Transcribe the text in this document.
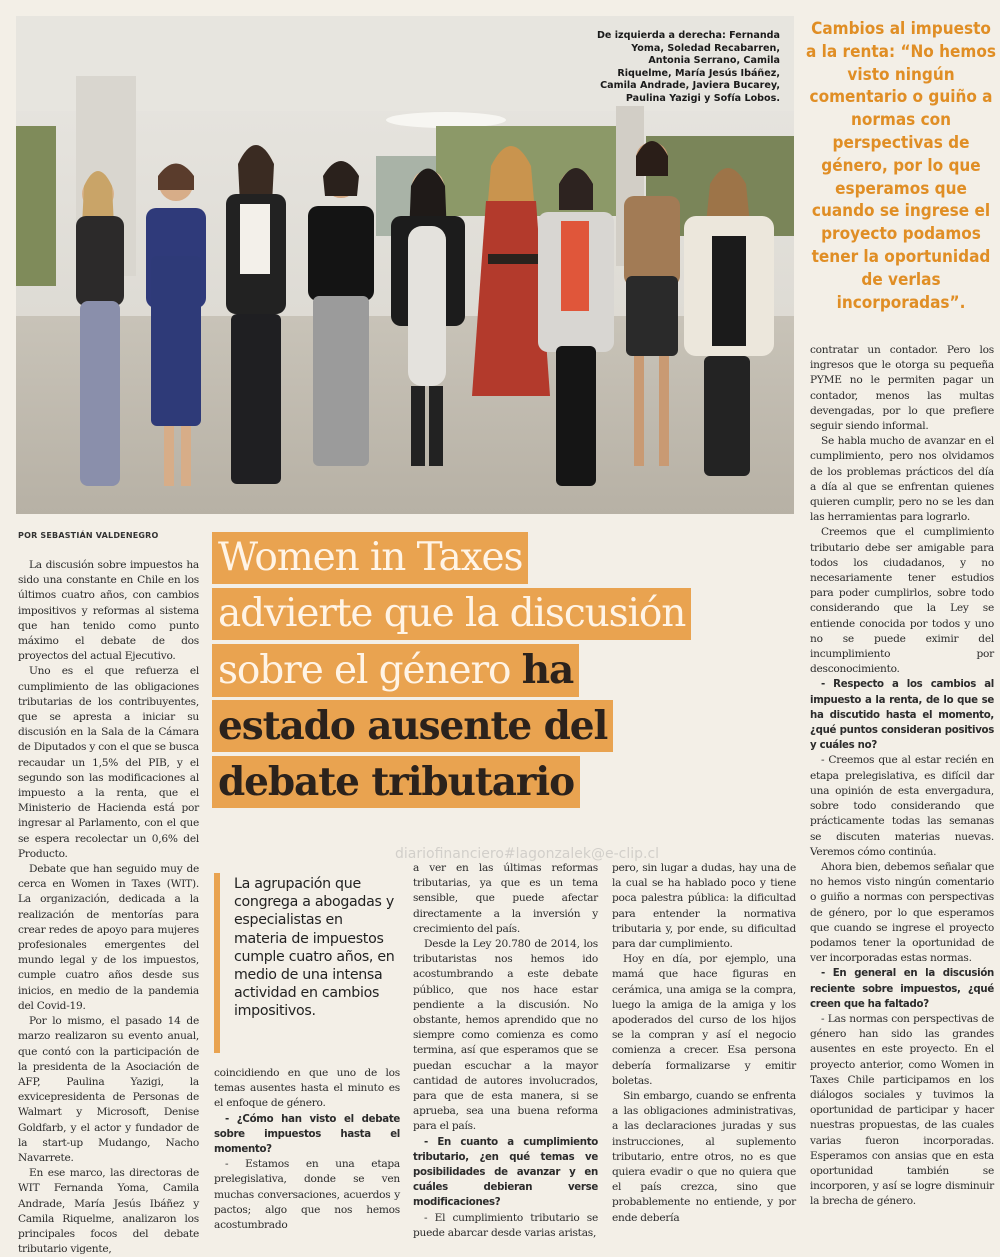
De izquierda a derecha: Fernanda Yoma, Soledad Recabarren, Antonia Serrano, Camila Riquelme, María Jesús Ibáñez, Camila Andrade, Javiera Bucarey, Paulina Yazigi y Sofía Lobos.
Cambios al impuesto a la renta: “No hemos visto ningún comentario o guiño a normas con perspectivas de género, por lo que esperamos que cuando se ingrese el proyecto podamos tener la oportunidad de verlas incorporadas”.
POR SEBASTIÁN VALDENEGRO Women in Taxes
advierte que la discusión
sobre el género ha
estado ausente del
debate tributario
La agrupación que congrega a abogadas y especialistas en materia de impuestos cumple cuatro años, en medio de una intensa actividad en cambios impositivos.
diariofinanciero#lagonzalek@e-clip.cl

La discusión sobre impuestos ha sido una constante en Chile en los últimos cuatro años, con cambios impositivos y reformas al sistema que han tenido como punto máximo el debate de dos proyectos del actual Ejecutivo.

Uno es el que refuerza el cumplimiento de las obligaciones tributarias de los contribuyentes, que se apresta a iniciar su discusión en la Sala de la Cámara de Diputados y con el que se busca recaudar un 1,5% del PIB, y el segundo son las modificaciones al impuesto a la renta, que el Ministerio de Hacienda está por ingresar al Parlamento, con el que se espera recolectar un 0,6% del Producto.

Debate que han seguido muy de cerca en Women in Taxes (WIT). La organización, dedicada a la realización de mentorías para crear redes de apoyo para mujeres profesionales emergentes del mundo legal y de los impuestos, cumple cuatro años desde sus inicios, en medio de la pandemia del Covid-19.

Por lo mismo, el pasado 14 de marzo realizaron su evento anual, que contó con la participación de la presidenta de la Asociación de AFP, Paulina Yazigi, la exvicepresidenta de Personas de Walmart y Microsoft, Denise Goldfarb, y el actor y fundador de la start-up Mudango, Nacho Navarrete.

En ese marco, las directoras de WIT Fernanda Yoma, Camila Andrade, María Jesús Ibáñez y Camila Riquelme, analizaron los principales focos del debate tributario vigente,

coincidiendo en que uno de los temas ausentes hasta el minuto es el enfoque de género.

- ¿Cómo han visto el debate sobre impuestos hasta el momento?

- Estamos en una etapa prelegislativa, donde se ven muchas conversaciones, acuerdos y pactos; algo que nos hemos acostumbrado

a ver en las últimas reformas tributarias, ya que es un tema sensible, que puede afectar directamente a la inversión y crecimiento del país.

Desde la Ley 20.780 de 2014, los tributaristas nos hemos ido acostumbrando a este debate público, que nos hace estar pendiente a la discusión. No obstante, hemos aprendido que no siempre como comienza es como termina, así que esperamos que se puedan escuchar a la mayor cantidad de autores involucrados, para que de esta manera, si se aprueba, sea una buena reforma para el país.

- En cuanto a cumplimiento tributario, ¿en qué temas ve posibilidades de avanzar y en cuáles debieran verse modificaciones?

- El cumplimiento tributario se puede abarcar desde varias aristas,

pero, sin lugar a dudas, hay una de la cual se ha hablado poco y tiene poca palestra pública: la dificultad para entender la normativa tributaria y, por ende, su dificultad para dar cumplimiento.

Hoy en día, por ejemplo, una mamá que hace figuras en cerámica, una amiga se la compra, luego la amiga de la amiga y los apoderados del curso de los hijos se la compran y así el negocio comienza a crecer. Esa persona debería formalizarse y emitir boletas.

Sin embargo, cuando se enfrenta a las obligaciones administrativas, a las declaraciones juradas y sus instrucciones, al suplemento tributario, entre otros, no es que quiera evadir o que no quiera que el país crezca, sino que probablemente no entiende, y por ende debería

contratar un contador. Pero los ingresos que le otorga su pequeña PYME no le permiten pagar un contador, menos las multas devengadas, por lo que prefiere seguir siendo informal.

Se habla mucho de avanzar en el cumplimiento, pero nos olvidamos de los problemas prácticos del día a día al que se enfrentan quienes quieren cumplir, pero no se les dan las herramientas para lograrlo.

Creemos que el cumplimiento tributario debe ser amigable para todos los ciudadanos, y no necesariamente tener estudios para poder cumplirlos, sobre todo considerando que la Ley se entiende conocida por todos y uno no se puede eximir del incumplimiento por desconocimiento.

- Respecto a los cambios al impuesto a la renta, de lo que se ha discutido hasta el momento, ¿qué puntos consideran positivos y cuáles no?

- Creemos que al estar recién en etapa prelegislativa, es difícil dar una opinión de esta envergadura, sobre todo considerando que prácticamente todas las semanas se discuten materias nuevas. Veremos cómo continúa.

Ahora bien, debemos señalar que no hemos visto ningún comentario o guiño a normas con perspectivas de género, por lo que esperamos que cuando se ingrese el proyecto podamos tener la oportunidad de ver incorporadas estas normas.

- En general en la discusión reciente sobre impuestos, ¿qué creen que ha faltado?

- Las normas con perspectivas de género han sido las grandes ausentes en este proyecto. En el proyecto anterior, como Women in Taxes Chile participamos en los diálogos sociales y tuvimos la oportunidad de participar y hacer nuestras propuestas, de las cuales varias fueron incorporadas. Esperamos con ansias que en esta oportunidad también se incorporen, y así se logre disminuir la brecha de género.
